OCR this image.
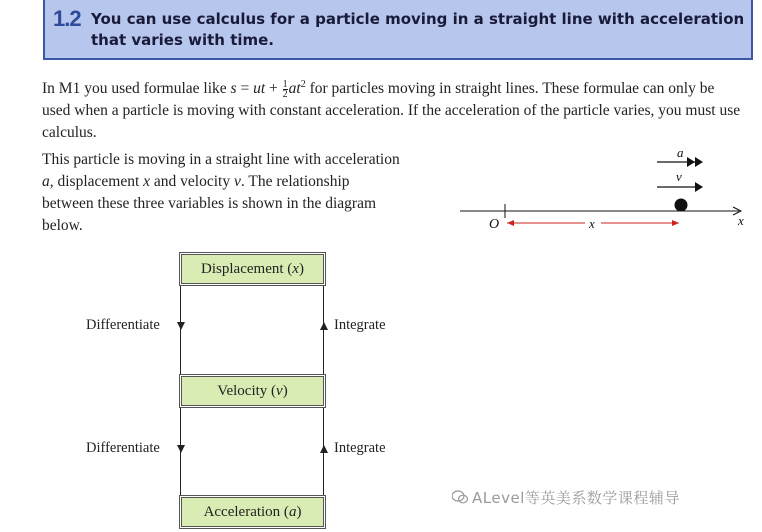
1.2 You can use calculus for a particle moving in a straight line with acceleration that varies with time.
In M1 you used formulae like s = ut + $\frac{1}{2} at^2$ for particles moving in straight lines. These formulae can only be used when a particle is moving with constant acceleration. If the acceleration of the particle varies, you must use calculus.
This particle is moving in a straight line with acceleration a, displacement x and velocity v. The relationship between these three variables is shown in the diagram below.
a
v
x
O	x
Displacement (x)
Velocity (v)
Acceleration (a)
Differentiate	Integrate
Differentiate	Integrate
ALevel等英美系数学课程辅导
